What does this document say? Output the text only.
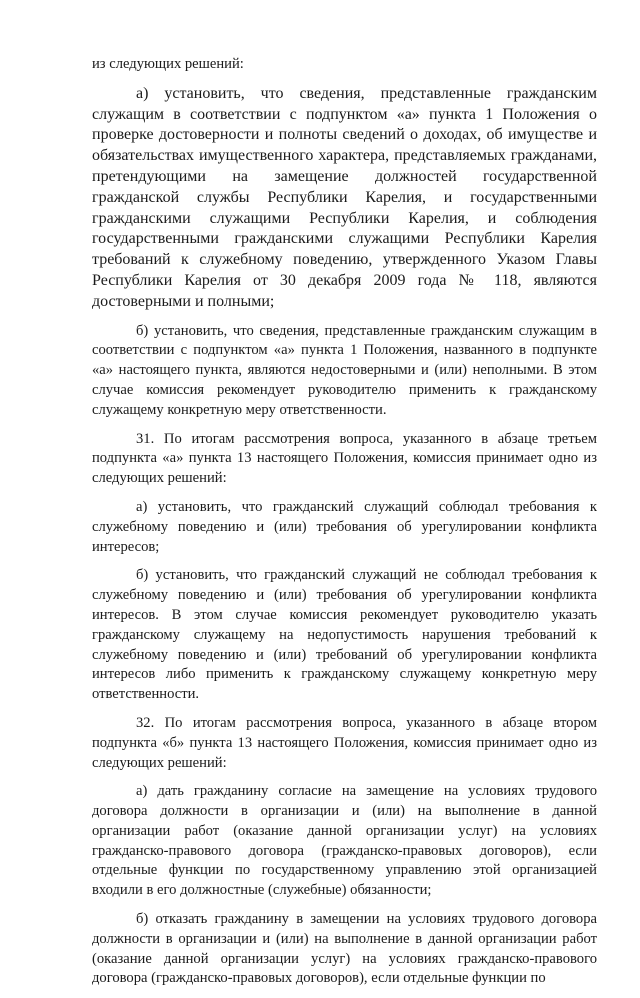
из следующих решений:

а) установить, что сведения, представленные гражданским служащим в соответствии с подпунктом «а» пункта 1 Положения о проверке достоверности и полноты сведений о доходах, об имуществе и обязательствах имущественного характера, представляемых гражданами, претендующими на замещение должностей государственной гражданской службы Республики Карелия, и государственными гражданскими служащими Республики Карелия, и соблюдения государственными гражданскими служащими Республики Карелия требований к служебному поведению, утвержденного Указом Главы Республики Карелия от 30 декабря 2009 года № 118, являются достоверными и полными;

б) установить, что сведения, представленные гражданским служащим в соответствии с подпунктом «а» пункта 1 Положения, названного в подпункте «а» настоящего пункта, являются недостоверными и (или) неполными. В этом случае комиссия рекомендует руководителю применить к гражданскому служащему конкретную меру ответственности.

31. По итогам рассмотрения вопроса, указанного в абзаце третьем подпункта «а» пункта 13 настоящего Положения, комиссия принимает одно из следующих решений:

а) установить, что гражданский служащий соблюдал требования к служебному поведению и (или) требования об урегулировании конфликта интересов;

б) установить, что гражданский служащий не соблюдал требования к служебному поведению и (или) требования об урегулировании конфликта интересов. В этом случае комиссия рекомендует руководителю указать гражданскому служащему на недопустимость нарушения требований к служебному поведению и (или) требований об урегулировании конфликта интересов либо применить к гражданскому служащему конкретную меру ответственности.

32. По итогам рассмотрения вопроса, указанного в абзаце втором подпункта «б» пункта 13 настоящего Положения, комиссия принимает одно из следующих решений:

а) дать гражданину согласие на замещение на условиях трудового договора должности в организации и (или) на выполнение в данной организации работ (оказание данной организации услуг) на условиях гражданско-правового договора (гражданско-правовых договоров), если отдельные функции по государственному управлению этой организацией входили в его должностные (служебные) обязанности;

б) отказать гражданину в замещении на условиях трудового договора должности в организации и (или) на выполнение в данной организации работ (оказание данной организации услуг) на условиях гражданско-правового договора (гражданско-правовых договоров), если отдельные функции по
